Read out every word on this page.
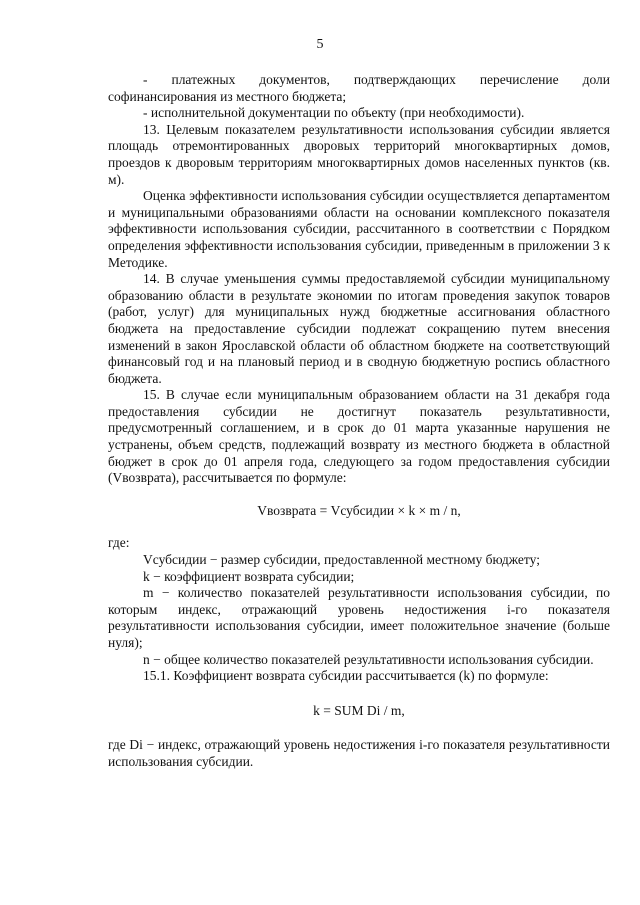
5

- платежных документов, подтверждающих перечисление доли софинансирования из местного бюджета;

- исполнительной документации по объекту (при необходимости).

13. Целевым показателем результативности использования субсидии является площадь отремонтированных дворовых территорий многоквартирных домов, проездов к дворовым территориям многоквартирных домов населенных пунктов (кв. м).

Оценка эффективности использования субсидии осуществляется департаментом и муниципальными образованиями области на основании комплексного показателя эффективности использования субсидии, рассчитанного в соответствии с Порядком определения эффективности использования субсидии, приведенным в приложении 3 к Методике.

14. В случае уменьшения суммы предоставляемой субсидии муниципальному образованию области в результате экономии по итогам проведения закупок товаров (работ, услуг) для муниципальных нужд бюджетные ассигнования областного бюджета на предоставление субсидии подлежат сокращению путем внесения изменений в закон Ярославской области об областном бюджете на соответствующий финансовый год и на плановый период и в сводную бюджетную роспись областного бюджета.

15. В случае если муниципальным образованием области на 31 декабря года предоставления субсидии не достигнут показатель результативности, предусмотренный соглашением, и в срок до 01 марта указанные нарушения не устранены, объем средств, подлежащий возврату из местного бюджета в областной бюджет в срок до 01 апреля года, следующего за годом предоставления субсидии (Vвозврата), рассчитывается по формуле:

Vвозврата = Vсубсидии × k × m / n,

где:

Vсубсидии − размер субсидии, предоставленной местному бюджету;

k − коэффициент возврата субсидии;

m − количество показателей результативности использования субсидии, по которым индекс, отражающий уровень недостижения i-го показателя результативности использования субсидии, имеет положительное значение (больше нуля);

n − общее количество показателей результативности использования субсидии.

15.1. Коэффициент возврата субсидии рассчитывается (k) по формуле:

k = SUM Di / m,

где Di − индекс, отражающий уровень недостижения i-го показателя результативности использования субсидии.
